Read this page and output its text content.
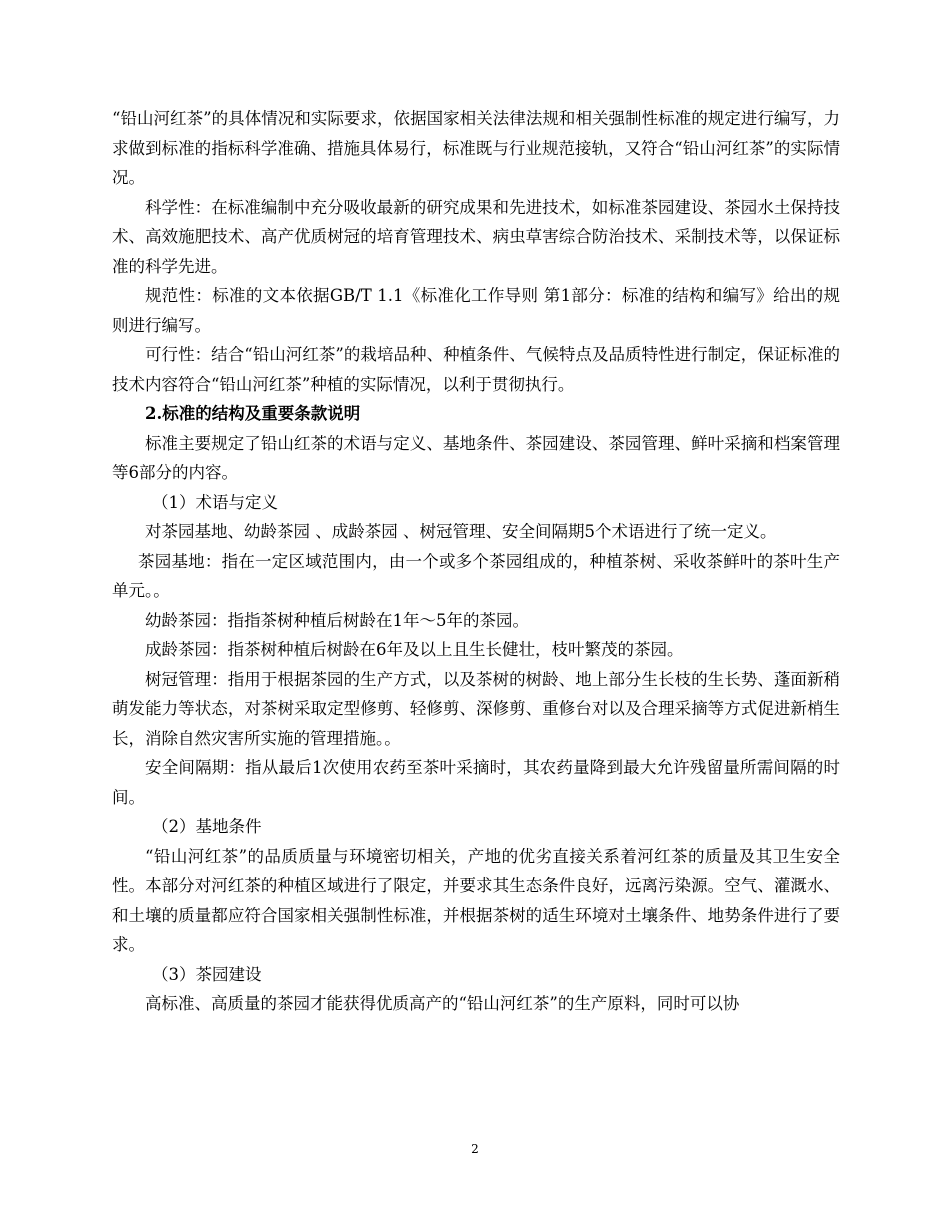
“铅山河红茶”的具体情况和实际要求，依据国家相关法律法规和相关强制性标准的规定进行编写，力求做到标准的指标科学准确、措施具体易行，标准既与行业规范接轨，又符合“铅山河红茶”的实际情况。

科学性：在标准编制中充分吸收最新的研究成果和先进技术，如标准茶园建设、茶园水土保持技术、高效施肥技术、高产优质树冠的培育管理技术、病虫草害综合防治技术、采制技术等，以保证标准的科学先进。

规范性：标准的文本依据GB/T 1.1《标准化工作导则 第1部分：标准的结构和编写》给出的规则进行编写。

可行性：结合“铅山河红茶”的栽培品种、种植条件、气候特点及品质特性进行制定，保证标准的技术内容符合“铅山河红茶”种植的实际情况，以利于贯彻执行。

2.标准的结构及重要条款说明

标准主要规定了铅山红茶的术语与定义、基地条件、茶园建设、茶园管理、鲜叶采摘和档案管理等6部分的内容。

（1）术语与定义

对茶园基地、幼龄茶园 、成龄茶园 、树冠管理、安全间隔期5个术语进行了统一定义。

茶园基地：指在一定区域范围内，由一个或多个茶园组成的，种植茶树、采收茶鲜叶的茶叶生产单元。。

幼龄茶园：指指茶树种植后树龄在1年～5年的茶园。

成龄茶园：指茶树种植后树龄在6年及以上且生长健壮，枝叶繁茂的茶园。

树冠管理：指用于根据茶园的生产方式，以及茶树的树龄、地上部分生长枝的生长势、蓬面新稍萌发能力等状态，对茶树采取定型修剪、轻修剪、深修剪、重修台对以及合理采摘等方式促进新梢生长，消除自然灾害所实施的管理措施。。

安全间隔期：指从最后1次使用农药至茶叶采摘时，其农药量降到最大允许残留量所需间隔的时间。

（2）基地条件

“铅山河红茶”的品质质量与环境密切相关，产地的优劣直接关系着河红茶的质量及其卫生安全性。本部分对河红茶的种植区域进行了限定，并要求其生态条件良好，远离污染源。空气、灌溉水、和土壤的质量都应符合国家相关强制性标准，并根据茶树的适生环境对土壤条件、地势条件进行了要求。

（3）茶园建设

高标准、高质量的茶园才能获得优质高产的“铅山河红茶”的生产原料，同时可以协

2
